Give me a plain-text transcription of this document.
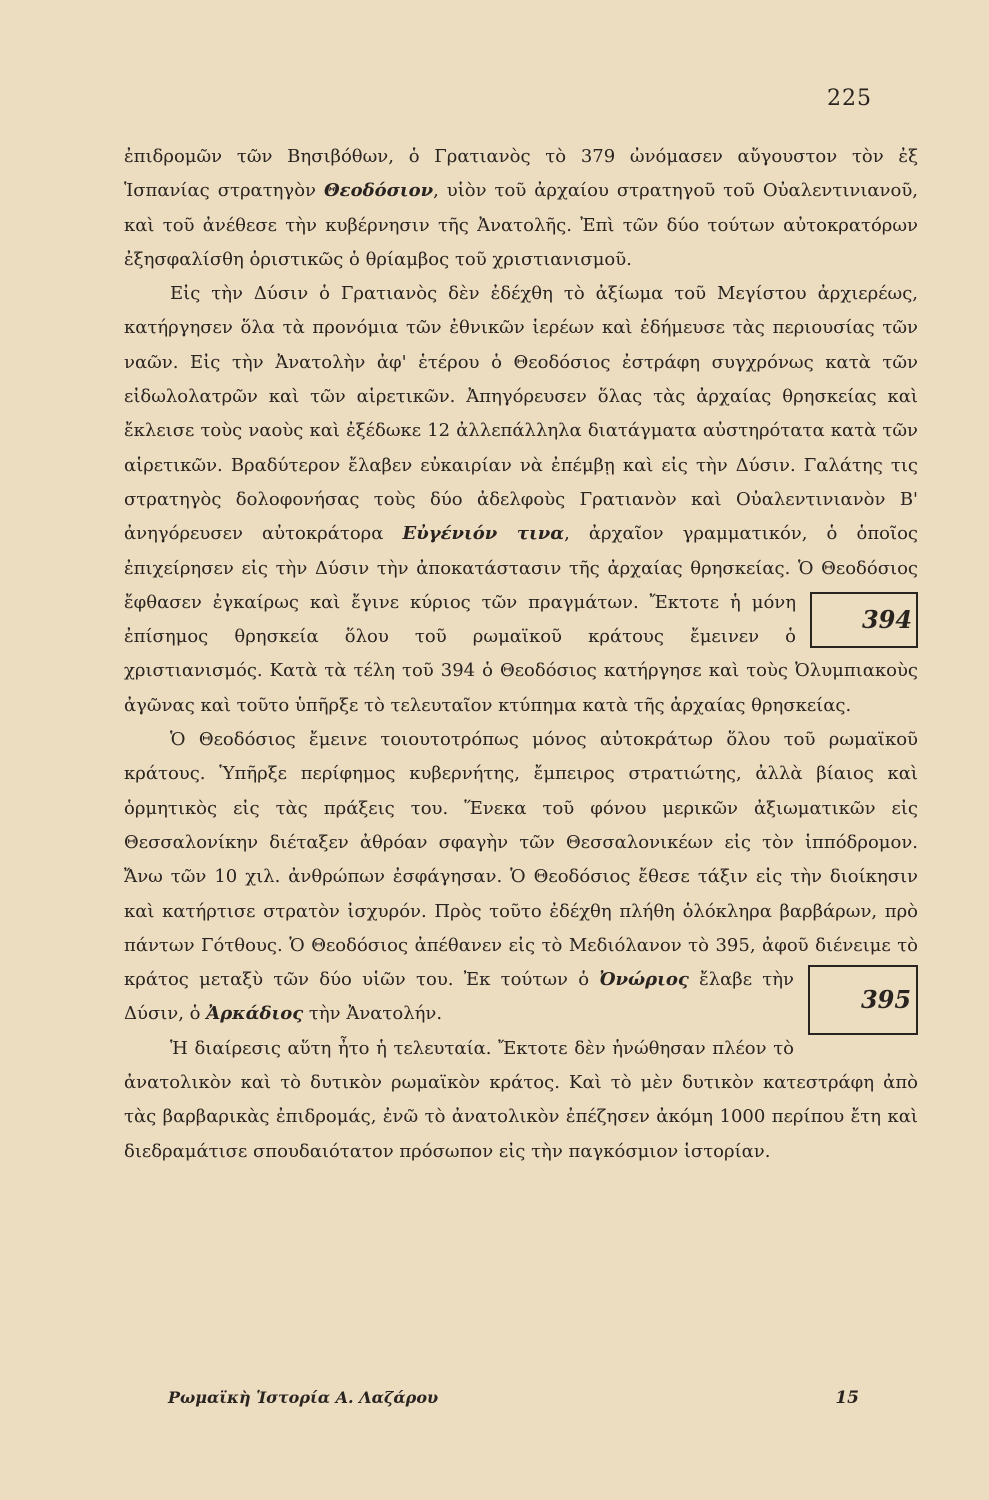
225

ἐπιδρομῶν τῶν Βησιβόθων, ὁ Γρατιανὸς τὸ 379 ὠνόμασεν αὔγουστον τὸν ἐξ Ἱσπανίας στρατηγὸν Θεοδόσιον, υἱὸν τοῦ ἀρχαίου στρατηγοῦ τοῦ Οὐαλεντινιανοῦ, καὶ τοῦ ἀνέθεσε τὴν κυβέρνησιν τῆς Ἀνατολῆς. Ἐπὶ τῶν δύο τούτων αὐτοκρατόρων ἐξησφαλίσθη ὁριστικῶς ὁ θρίαμβος τοῦ χριστιανισμοῦ.

Εἰς τὴν Δύσιν ὁ Γρατιανὸς δὲν ἐδέχθη τὸ ἀξίωμα τοῦ Μεγίστου ἀρχιερέως, κατήργησεν ὅλα τὰ προνόμια τῶν ἐθνικῶν ἱερέων καὶ ἐδήμευσε τὰς περιουσίας τῶν ναῶν. Εἰς τὴν Ἀνατολὴν ἀφ' ἑτέρου ὁ Θεοδόσιος ἐστράφη συγχρόνως κατὰ τῶν εἰδωλολατρῶν καὶ τῶν αἱρετικῶν. Ἀπηγόρευσεν ὅλας τὰς ἀρχαίας θρησκείας καὶ ἔκλεισε τοὺς ναοὺς καὶ ἐξέδωκε 12 ἀλλεπάλληλα διατάγματα αὐστηρότατα κατὰ τῶν αἱρετικῶν. Βραδύτερον ἔλαβεν εὐκαιρίαν νὰ ἐπέμβῃ καὶ εἰς τὴν Δύσιν. Γαλάτης τις στρατηγὸς δολοφονήσας τοὺς δύο ἀδελφοὺς Γρατιανὸν καὶ Οὐαλεντινιανὸν Β' ἀνηγόρευσεν αὐτοκράτορα Εὐγένιόν τινα, ἀρχαῖον γραμματικόν, ὁ ὁποῖος ἐπιχείρησεν εἰς τὴν Δύσιν τὴν ἀποκατάστασιν τῆς ἀρχαίας θρησκείας. Ὁ Θεοδόσιος ἔφθασεν ἐγκαίρως καὶ ἔγινε κύριος τῶν πραγμάτων.
394
Ἔκτοτε ἡ μόνη ἐπίσημος θρησκεία ὅλου τοῦ ρωμαϊκοῦ κράτους ἔμεινεν ὁ χριστιανισμός. Κατὰ τὰ τέλη τοῦ 394 ὁ Θεοδόσιος κατήργησε καὶ τοὺς Ὀλυμπιακοὺς ἀγῶνας καὶ τοῦτο ὑπῆρξε τὸ τελευταῖον κτύπημα κατὰ τῆς ἀρχαίας θρησκείας.

Ὁ Θεοδόσιος ἔμεινε τοιουτοτρόπως μόνος αὐτοκράτωρ ὅλου τοῦ ρωμαϊκοῦ κράτους. Ὑπῆρξε περίφημος κυβερνήτης, ἔμπειρος στρατιώτης, ἀλλὰ βίαιος καὶ ὁρμητικὸς εἰς τὰς πράξεις του. Ἕνεκα τοῦ φόνου μερικῶν ἀξιωματικῶν εἰς Θεσσαλονίκην διέταξεν ἀθρόαν σφαγὴν τῶν Θεσσαλονικέων εἰς τὸν ἱππόδρομον. Ἄνω τῶν 10 χιλ. ἀνθρώπων ἐσφάγησαν. Ὁ Θεοδόσιος ἔθεσε τάξιν εἰς τὴν διοίκησιν καὶ κατήρτισε στρατὸν ἰσχυρόν. Πρὸς τοῦτο ἐδέχθη πλήθη ὁλόκληρα βαρβάρων, πρὸ πάντων Γότθους. Ὁ Θεοδόσιος ἀπέθανεν εἰς τὸ Μεδιόλανον τὸ 395, ἀφοῦ
395
διένειμε τὸ κράτος μεταξὺ τῶν δύο υἱῶν του. Ἐκ τούτων ὁ Ὀνώριος ἔλαβε τὴν Δύσιν, ὁ Ἀρκάδιος τὴν Ἀνατολήν.

Ἡ διαίρεσις αὕτη ἦτο ἡ τελευταία. Ἔκτοτε δὲν ἡνώθησαν πλέον τὸ ἀνατολικὸν καὶ τὸ δυτικὸν ρωμαϊκὸν κράτος. Καὶ τὸ μὲν δυτικὸν κατεστράφη ἀπὸ τὰς βαρβαρικὰς ἐπιδρομάς, ἐνῶ τὸ ἀνατολικὸν ἐπέζησεν ἀκόμη 1000 περίπου ἔτη καὶ διεδραμάτισε σπουδαιότατον πρόσωπον εἰς τὴν παγκόσμιον ἱστορίαν.

Ρωμαϊκὴ Ἱστορία Α. Λαζάρου	15
